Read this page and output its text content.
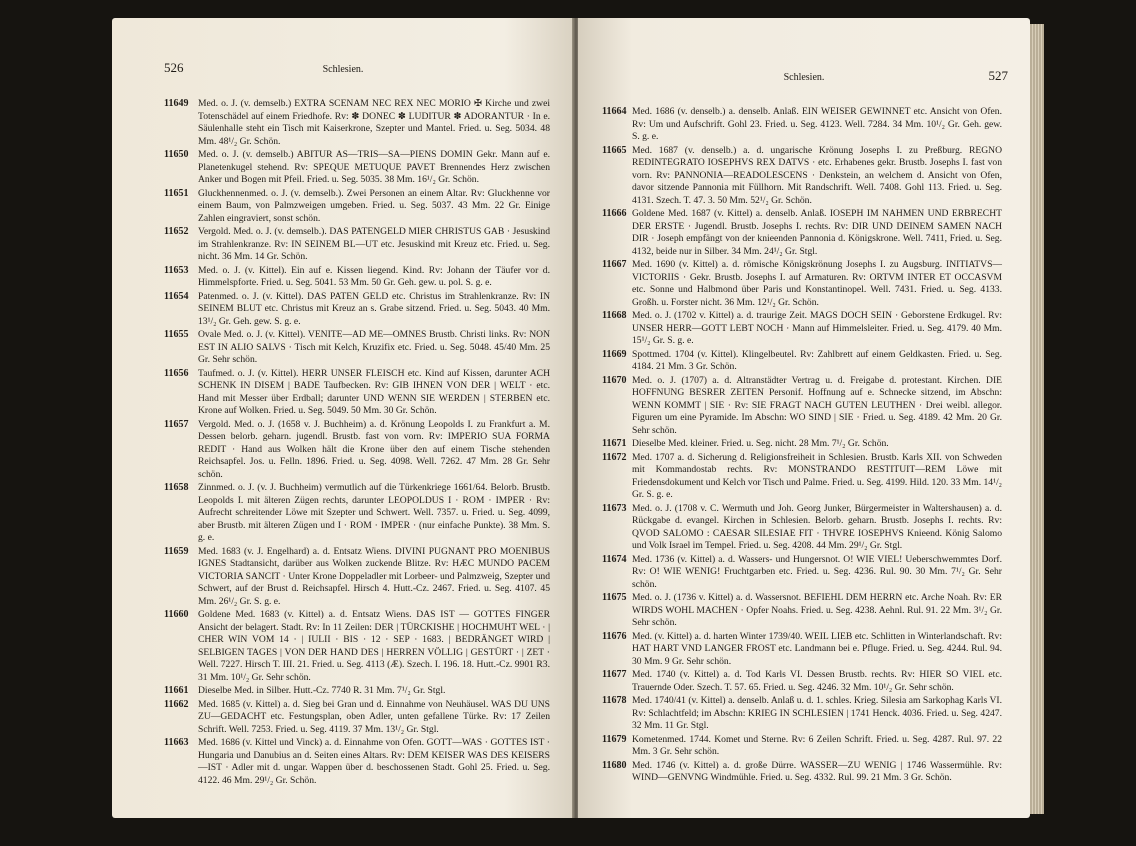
526	Schlesien.
11649 Med. o. J. (v. demselb.) EXTRA SCENAM NEC REX NEC MORIO ✠ Kirche und zwei Totenschädel auf einem Friedhofe. Rv: ✽ DONEC ✽ LUDITUR ✽ ADORANTUR · In e. Säulenhalle steht ein Tisch mit Kaiserkrone, Szepter und Mantel. Fried. u. Seg. 5034. 48 Mm. 48¹/₂ Gr. Schön.
11650 Med. o. J. (v. demselb.) ABITUR AS—TRIS—SA—PIENS DOMIN Gekr. Mann auf e. Planetenkugel stehend. Rv: SPEQUE METUQUE PAVET Brennendes Herz zwischen Anker und Bogen mit Pfeil. Fried. u. Seg. 5035. 38 Mm. 16¹/₂ Gr. Schön.
11651 Gluckhennenmed. o. J. (v. demselb.). Zwei Personen an einem Altar. Rv: Gluckhenne vor einem Baum, von Palmzweigen umgeben. Fried. u. Seg. 5037. 43 Mm. 22 Gr. Einige Zahlen eingraviert, sonst schön.
11652 Vergold. Med. o. J. (v. demselb.). DAS PATENGELD MIER CHRISTUS GAB · Jesuskind im Strahlenkranze. Rv: IN SEINEM BL—UT etc. Jesuskind mit Kreuz etc. Fried. u. Seg. nicht. 36 Mm. 14 Gr. Schön.
11653 Med. o. J. (v. Kittel). Ein auf e. Kissen liegend. Kind. Rv: Johann der Täufer vor d. Himmelspforte. Fried. u. Seg. 5041. 53 Mm. 50 Gr. Geh. gew. u. pol. S. g. e.
11654 Patenmed. o. J. (v. Kittel). DAS PATEN GELD etc. Christus im Strahlenkranze. Rv: IN SEINEM BLUT etc. Christus mit Kreuz an s. Grabe sitzend. Fried. u. Seg. 5043. 40 Mm. 13¹/₂ Gr. Geh. gew. S. g. e.
11655 Ovale Med. o. J. (v. Kittel). VENITE—AD ME—OMNES Brustb. Christi links. Rv: NON EST IN ALIO SALVS · Tisch mit Kelch, Kruzifix etc. Fried. u. Seg. 5048. 45/40 Mm. 25 Gr. Sehr schön.
11656 Taufmed. o. J. (v. Kittel). HERR UNSER FLEISCH etc. Kind auf Kissen, darunter ACH SCHENK IN DISEM | BADE Taufbecken. Rv: GIB IHNEN VON DER | WELT · etc. Hand mit Messer über Erdball; darunter UND WENN SIE WERDEN | STERBEN etc. Krone auf Wolken. Fried. u. Seg. 5049. 50 Mm. 30 Gr. Schön.
11657 Vergold. Med. o. J. (1658 v. J. Buchheim) a. d. Krönung Leopolds I. zu Frankfurt a. M. Dessen belorb. geharn. jugendl. Brustb. fast von vorn. Rv: IMPERIO SUA FORMA REDIT · Hand aus Wolken hält die Krone über den auf einem Tische stehenden Reichsapfel. Jos. u. Felln. 1896. Fried. u. Seg. 4098. Well. 7262. 47 Mm. 28 Gr. Sehr schön.
11658 Zinnmed. o. J. (v. J. Buchheim) vermutlich auf die Türkenkriege 1661/64. Belorb. Brustb. Leopolds I. mit älteren Zügen rechts, darunter LEOPOLDUS I · ROM · IMPER · Rv: Aufrecht schreitender Löwe mit Szepter und Schwert. Well. 7357. u. Fried. u. Seg. 4099, aber Brustb. mit älteren Zügen und I · ROM · IMPER · (nur einfache Punkte). 38 Mm. S. g. e.
11659 Med. 1683 (v. J. Engelhard) a. d. Entsatz Wiens. DIVINI PUGNANT PRO MOENIBUS IGNES Stadtansicht, darüber aus Wolken zuckende Blitze. Rv: HÆC MUNDO PACEM VICTORIA SANCIT · Unter Krone Doppeladler mit Lorbeer- und Palmzweig, Szepter und Schwert, auf der Brust d. Reichsapfel. Hirsch 4. Hutt.-Cz. 2467. Fried. u. Seg. 4107. 45 Mm. 26¹/₂ Gr. S. g. e.
11660 Goldene Med. 1683 (v. Kittel) a. d. Entsatz Wiens. DAS IST — GOTTES FINGER Ansicht der belagert. Stadt. Rv: In 11 Zeilen: DER | TÜRCKISHE | HOCHMUHT WEL · | CHER WIN VOM 14 · | IULII · BIS · 12 · SEP · 1683. | BEDRÄNGET WIRD | SELBIGEN TAGES | VON DER HAND DES | HERREN VÖLLIG | GESTÜRT · | ZET · Well. 7227. Hirsch T. III. 21. Fried. u. Seg. 4113 (Æ). Szech. I. 196. 18. Hutt.-Cz. 9901 R3. 31 Mm. 10¹/₂ Gr. Sehr schön.
11661 Dieselbe Med. in Silber. Hutt.-Cz. 7740 R. 31 Mm. 7¹/₂ Gr. Stgl.
11662 Med. 1685 (v. Kittel) a. d. Sieg bei Gran und d. Einnahme von Neuhäusel. WAS DU UNS ZU—GEDACHT etc. Festungsplan, oben Adler, unten gefallene Türke. Rv: 17 Zeilen Schrift. Well. 7253. Fried. u. Seg. 4119. 37 Mm. 13¹/₂ Gr. Stgl.
11663 Med. 1686 (v. Kittel und Vinck) a. d. Einnahme von Ofen. GOTT—WAS · GOTTES IST · Hungaria und Danubius an d. Seiten eines Altars. Rv: DEM KEISER WAS DES KEISERS—IST · Adler mit d. ungar. Wappen über d. beschossenen Stadt. Gohl 25. Fried. u. Seg. 4122. 46 Mm. 29¹/₂ Gr. Schön.
527
Schlesien.
11664 Med. 1686 (v. denselb.) a. denselb. Anlaß. EIN WEISER GEWINNET etc. Ansicht von Ofen. Rv: Um und Aufschrift. Gohl 23. Fried. u. Seg. 4123. Well. 7284. 34 Mm. 10¹/₂ Gr. Geh. gew. S. g. e.
11665 Med. 1687 (v. denselb.) a. d. ungarische Krönung Josephs I. zu Preßburg. REGNO REDINTEGRATO IOSEPHVS REX DATVS · etc. Erhabenes gekr. Brustb. Josephs I. fast von vorn. Rv: PANNONIA—READOLESCENS · Denkstein, an welchem d. Ansicht von Ofen, davor sitzende Pannonia mit Füllhorn. Mit Randschrift. Well. 7408. Gohl 113. Fried. u. Seg. 4131. Szech. T. 47. 3. 50 Mm. 52¹/₂ Gr. Schön.
11666 Goldene Med. 1687 (v. Kittel) a. denselb. Anlaß. IOSEPH IM NAHMEN UND ERBRECHT DER ERSTE · Jugendl. Brustb. Josephs I. rechts. Rv: DIR UND DEINEM SAMEN NACH DIR · Joseph empfängt von der knieenden Pannonia d. Königskrone. Well. 7411, Fried. u. Seg. 4132, beide nur in Silber. 34 Mm. 24¹/₂ Gr. Stgl.
11667 Med. 1690 (v. Kittel) a. d. römische Königskrönung Josephs I. zu Augsburg. INITIATVS—VICTORIIS · Gekr. Brustb. Josephs I. auf Armaturen. Rv: ORTVM INTER ET OCCASVM etc. Sonne und Halbmond über Paris und Konstantinopel. Well. 7431. Fried. u. Seg. 4133. Großh. u. Forster nicht. 36 Mm. 12¹/₂ Gr. Schön.
11668 Med. o. J. (1702 v. Kittel) a. d. traurige Zeit. MAGS DOCH SEIN · Geborstene Erdkugel. Rv: UNSER HERR—GOTT LEBT NOCH · Mann auf Himmelsleiter. Fried. u. Seg. 4179. 40 Mm. 15¹/₂ Gr. S. g. e.
11669 Spottmed. 1704 (v. Kittel). Klingelbeutel. Rv: Zahlbrett auf einem Geldkasten. Fried. u. Seg. 4184. 21 Mm. 3 Gr. Schön.
11670 Med. o. J. (1707) a. d. Altranstädter Vertrag u. d. Freigabe d. protestant. Kirchen. DIE HOFFNUNG BESRER ZEITEN Personif. Hoffnung auf e. Schnecke sitzend, im Abschn: WENN KOMMT | SIE · Rv: SIE FRAGT NACH GUTEN LEUTHEN · Drei weibl. allegor. Figuren um eine Pyramide. Im Abschn: WO SIND | SIE · Fried. u. Seg. 4189. 42 Mm. 20 Gr. Sehr schön.
11671 Dieselbe Med. kleiner. Fried. u. Seg. nicht. 28 Mm. 7¹/₂ Gr. Schön.
11672 Med. 1707 a. d. Sicherung d. Religionsfreiheit in Schlesien. Brustb. Karls XII. von Schweden mit Kommandostab rechts. Rv: MONSTRANDO RESTITUIT—REM Löwe mit Friedensdokument und Kelch vor Tisch und Palme. Fried. u. Seg. 4199. Hild. 120. 33 Mm. 14¹/₂ Gr. S. g. e.
11673 Med. o. J. (1708 v. C. Wermuth und Joh. Georg Junker, Bürgermeister in Waltershausen) a. d. Rückgabe d. evangel. Kirchen in Schlesien. Belorb. geharn. Brustb. Josephs I. rechts. Rv: QVOD SALOMO : CAESAR SILESIAE FIT · THVRE IOSEPHVS Knieend. König Salomo und Volk Israel im Tempel. Fried. u. Seg. 4208. 44 Mm. 29¹/₂ Gr. Stgl.
11674 Med. 1736 (v. Kittel) a. d. Wassers- und Hungersnot. O! WIE VIEL! Ueberschwemmtes Dorf. Rv: O! WIE WENIG! Fruchtgarben etc. Fried. u. Seg. 4236. Rul. 90. 30 Mm. 7¹/₂ Gr. Sehr schön.
11675 Med. o. J. (1736 v. Kittel) a. d. Wassersnot. BEFIEHL DEM HERRN etc. Arche Noah. Rv: ER WIRDS WOHL MACHEN · Opfer Noahs. Fried. u. Seg. 4238. Aehnl. Rul. 91. 22 Mm. 3¹/₂ Gr. Sehr schön.
11676 Med. (v. Kittel) a. d. harten Winter 1739/40. WEIL LIEB etc. Schlitten in Winterlandschaft. Rv: HAT HART VND LANGER FROST etc. Landmann bei e. Pfluge. Fried. u. Seg. 4244. Rul. 94. 30 Mm. 9 Gr. Sehr schön.
11677 Med. 1740 (v. Kittel) a. d. Tod Karls VI. Dessen Brustb. rechts. Rv: HIER SO VIEL etc. Trauernde Oder. Szech. T. 57. 65. Fried. u. Seg. 4246. 32 Mm. 10¹/₂ Gr. Sehr schön.
11678 Med. 1740/41 (v. Kittel) a. denselb. Anlaß u. d. 1. schles. Krieg. Silesia am Sarkophag Karls VI. Rv: Schlachtfeld; im Abschn: KRIEG IN SCHLESIEN | 1741 Henck. 4036. Fried. u. Seg. 4247. 32 Mm. 11 Gr. Stgl.
11679 Kometenmed. 1744. Komet und Sterne. Rv: 6 Zeilen Schrift. Fried. u. Seg. 4287. Rul. 97. 22 Mm. 3 Gr. Sehr schön.
11680 Med. 1746 (v. Kittel) a. d. große Dürre. WASSER—ZU WENIG | 1746 Wassermühle. Rv: WIND—GENVNG Windmühle. Fried. u. Seg. 4332. Rul. 99. 21 Mm. 3 Gr. Schön.
